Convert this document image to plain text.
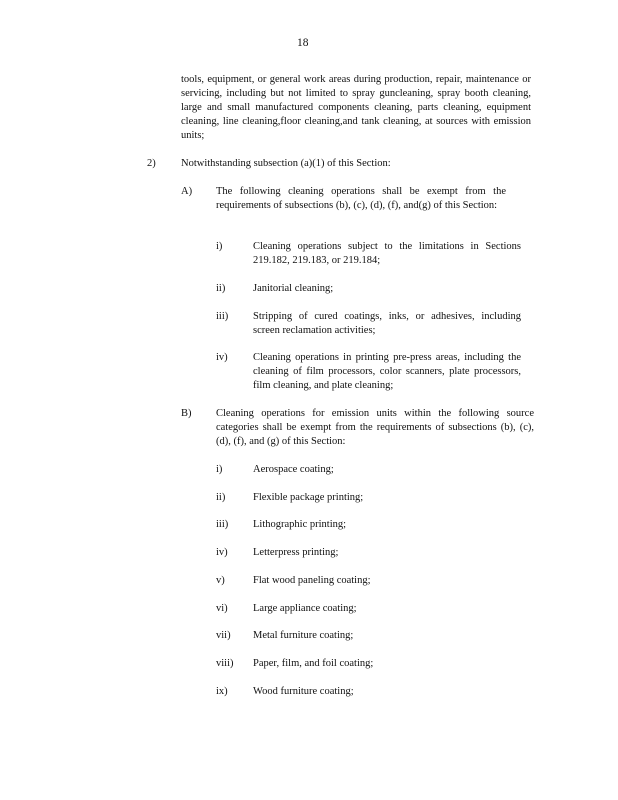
18
tools, equipment, or general work areas during production, repair, maintenance or servicing, including but not limited to spray guncleaning, spray booth cleaning, large and small manufactured components cleaning, parts cleaning, equipment cleaning, line cleaning,floor cleaning,and tank cleaning, at sources with emission units;
2) Notwithstanding subsection (a)(1) of this Section:
A) The following cleaning operations shall be exempt from the requirements of subsections (b), (c), (d), (f), and(g) of this Section:
i)	Cleaning operations subject to the limitations in Sections 219.182, 219.183, or 219.184;
ii)	Janitorial cleaning;
iii) Stripping of cured coatings, inks, or adhesives, including screen reclamation activities;
iv) Cleaning operations in printing pre-press areas, including the cleaning of film processors, color scanners, plate processors, film cleaning, and plate cleaning;
B) Cleaning operations for emission units within the following source categories shall be exempt from the requirements of subsections (b), (c), (d), (f), and (g) of this Section:
i)	Aerospace coating;
ii)	Flexible package printing;
iii) Lithographic printing;
iv) Letterpress printing;
v)	Flat wood paneling coating;
vi) Large appliance coating;
vii) Metal furniture coating;
viii) Paper, film, and foil coating;
ix) Wood furniture coating;
